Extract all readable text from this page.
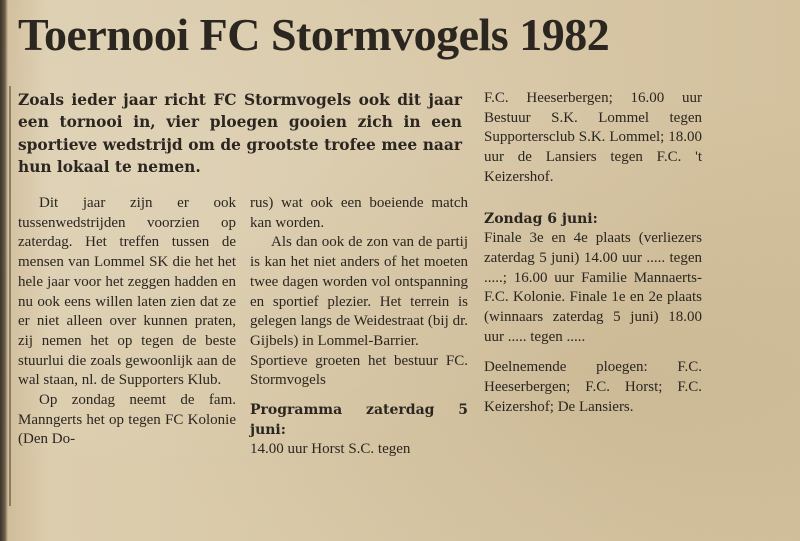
Toernooi FC Stormvogels 1982

Zoals ieder jaar richt FC Stormvogels ook dit jaar een tornooi in, vier ploegen gooien zich in een sportieve wedstrijd om de grootste trofee mee naar hun lokaal te nemen.

Dit jaar zijn er ook tussenwedstrijden voorzien op zaterdag. Het treffen tussen de mensen van Lommel SK die het het hele jaar voor het zeggen hadden en nu ook eens willen laten zien dat ze er niet alleen over kunnen praten, zij nemen het op tegen de beste stuurlui die zoals gewoonlijk aan de wal staan, nl. de Supporters Klub.

Op zondag neemt de fam. Manngerts het op tegen FC Kolonie (Den Do-

rus) wat ook een boeiende match kan worden.

Als dan ook de zon van de partij is kan het niet anders of het moeten twee dagen worden vol ontspanning en sportief plezier. Het terrein is gelegen langs de Weidestraat (bij dr. Gijbels) in Lommel-Barrier.

Sportieve groeten het bestuur FC. Stormvogels

Programma zaterdag 5 juni:

14.00 uur Horst S.C. tegen

F.C. Heeserbergen; 16.00 uur Bestuur S.K. Lommel tegen Supportersclub S.K. Lommel; 18.00 uur de Lansiers tegen F.C. 't Keizershof.

Zondag 6 juni:

Finale 3e en 4e plaats (verliezers zaterdag 5 juni) 14.00 uur ..... tegen .....; 16.00 uur Familie Mannaerts-F.C. Kolonie. Finale 1e en 2e plaats (winnaars zaterdag 5 juni) 18.00 uur ..... tegen .....

Deelnemende ploegen: F.C. Heeserbergen; F.C. Horst; F.C. Keizershof; De Lansiers.
